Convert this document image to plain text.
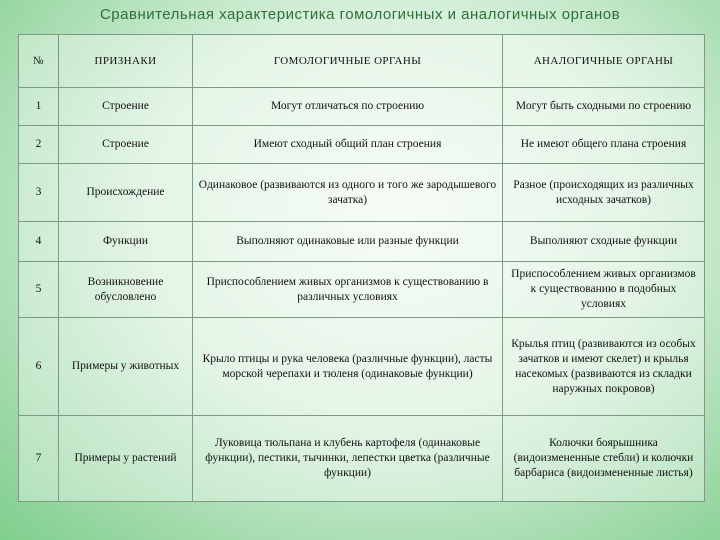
Сравнительная характеристика гомологичных и аналогичных органов
№	ПРИЗНАКИ	ГОМОЛОГИЧНЫЕ ОРГАНЫ	АНАЛОГИЧНЫЕ ОРГАНЫ
1	Строение	Могут отличаться по строению	Могут быть сходными по строению
2	Строение	Имеют сходный общий план строения	Не имеют общего плана строения
3	Происхождение	Одинаковое (развиваются из одного и того же зародышевого зачатка)	Разное (происходящих из различных исходных зачатков)
4	Функции	Выполняют одинаковые или разные функции	Выполняют сходные функции
5	Возникновение обусловлено	Приспособлением живых организмов к существованию в различных условиях	Приспособлением живых организмов к существованию в подобных условиях
6	Примеры у животных	Крыло птицы и рука человека (различные функции), ласты морской черепахи и тюленя (одинаковые функции)	Крылья птиц (развиваются из особых зачатков и имеют скелет) и крылья насекомых (развиваются из складки наружных покровов)
7	Примеры у растений	Луковица тюльпана и клубень картофеля (одинаковые функции), пестики, тычинки, лепестки цветка (различные функции)	Колючки боярышника (видоизмененные стебли) и колючки барбариса (видоизмененные листья)
